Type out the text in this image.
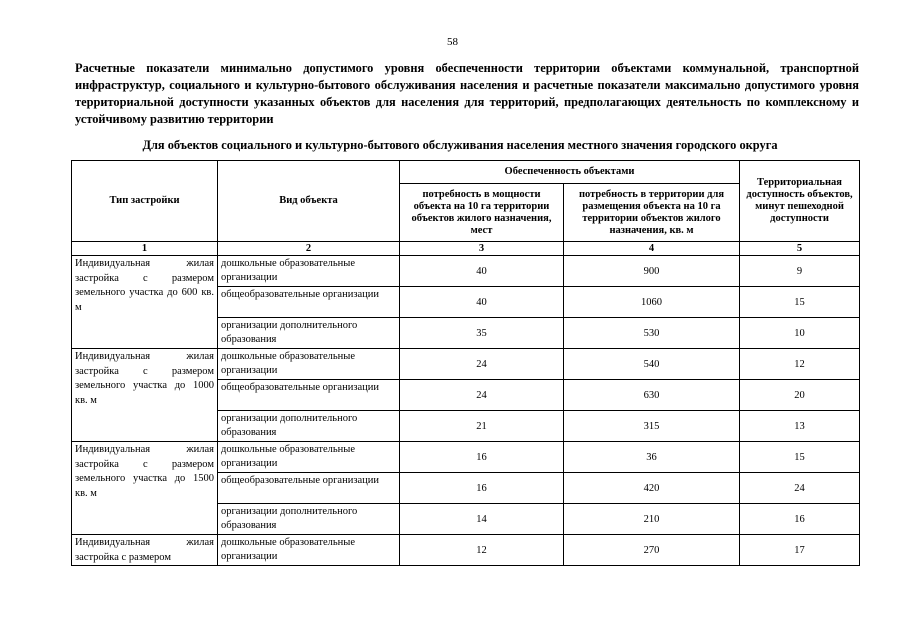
58

Расчетные показатели минимально допустимого уровня обеспеченности территории объектами коммунальной, транспортной инфраструктур, социального и культурно-бытового обслуживания населения и расчетные показатели максимально допустимого уровня территориальной доступности указанных объектов для населения для территорий, предполагающих деятельность по комплексному и устойчивому развитию территории

Для объектов социального и культурно-бытового обслуживания населения местного значения городского округа
Тип застройки	Вид объекта	Обеспеченность объектами		Территориальная доступность объектов, минут пешеходной доступности
		потребность в мощности объекта на 10 га территории объектов жилого назначения, мест	потребность в территории для размещения объекта на 10 га территории объектов жилого назначения, кв. м	
1	2	3	4	5
Индивидуальная жилая застройка с размером земельного участка до 600 кв. м	дошкольные образовательные организации	40	900	9
	общеобразовательные организации	40	1060	15
	организации дополнительного образования	35	530	10
Индивидуальная жилая застройка с размером земельного участка до 1000 кв. м	дошкольные образовательные организации	24	540	12
	общеобразовательные организации	24	630	20
	организации дополнительного образования	21	315	13
Индивидуальная жилая застройка с размером земельного участка до 1500 кв. м	дошкольные образовательные организации	16	36	15
	общеобразовательные организации	16	420	24
	организации дополнительного образования	14	210	16
Индивидуальная жилая застройка с размером	дошкольные образовательные организации	12	270	17
